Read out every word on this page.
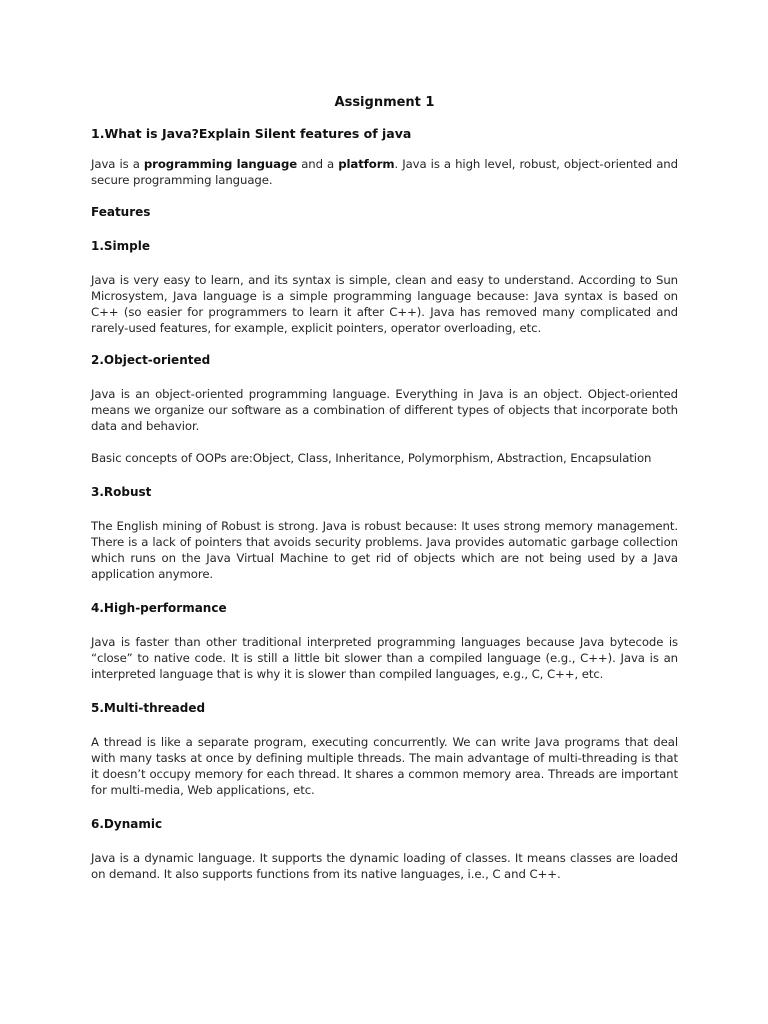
Assignment 1
1.What is Java?Explain Silent features of java

Java is a programming language and a platform. Java is a high level, robust, object-oriented and secure programming language.

Features
1.Simple

Java is very easy to learn, and its syntax is simple, clean and easy to understand. According to Sun Microsystem, Java language is a simple programming language because: Java syntax is based on C++ (so easier for programmers to learn it after C++). Java has removed many complicated and rarely-used features, for example, explicit pointers, operator overloading, etc.

2.Object-oriented

Java is an object-oriented programming language. Everything in Java is an object. Object-oriented means we organize our software as a combination of different types of objects that incorporate both data and behavior.

Basic concepts of OOPs are:Object, Class, Inheritance, Polymorphism, Abstraction, Encapsulation

3.Robust

The English mining of Robust is strong. Java is robust because: It uses strong memory management. There is a lack of pointers that avoids security problems. Java provides automatic garbage collection which runs on the Java Virtual Machine to get rid of objects which are not being used by a Java application anymore.

4.High-performance

Java is faster than other traditional interpreted programming languages because Java bytecode is “close” to native code. It is still a little bit slower than a compiled language (e.g., C++). Java is an interpreted language that is why it is slower than compiled languages, e.g., C, C++, etc.

5.Multi-threaded

A thread is like a separate program, executing concurrently. We can write Java programs that deal with many tasks at once by defining multiple threads. The main advantage of multi-threading is that it doesn’t occupy memory for each thread. It shares a common memory area. Threads are important for multi-media, Web applications, etc.

6.Dynamic

Java is a dynamic language. It supports the dynamic loading of classes. It means classes are loaded on demand. It also supports functions from its native languages, i.e., C and C++.
